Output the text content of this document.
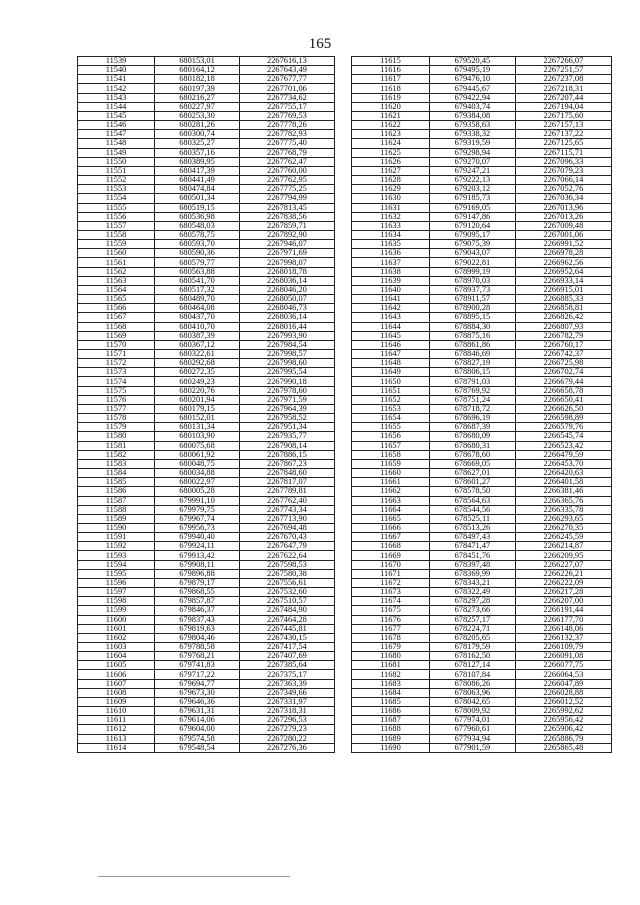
165
11539	680153,01	2267616,13
11540	680164,12	2267643,49
11541	680182,18	2267677,77
11542	680197,39	2267701,06
11543	680216,27	2267734,62
11544	680227,97	2267755,17
11545	680253,30	2267769,53
11546	680281,26	2267778,26
11547	680300,74	2267782,93
11548	680325,27	2267775,40
11549	680357,16	2267768,79
11550	680389,95	2267762,47
11551	680417,39	2267760,00
11552	680441,49	2267762,95
11553	680474,84	2267775,25
11554	680501,34	2267794,99
11555	680519,15	2267813,45
11556	680536,98	2267838,56
11557	680548,03	2267859,71
11558	680578,75	2267892,90
11559	680593,70	2267946,07
11560	680590,36	2267971,69
11561	680579,77	2267998,07
11562	680563,88	2268018,78
11563	680541,70	2268036,14
11564	680517,32	2268046,20
11565	680489,70	2268050,07
11566	680464,08	2268046,73
11567	680437,70	2268036,14
11568	680410,70	2268016,44
11569	680387,39	2267993,90
11570	680367,12	2267984,54
11571	680322,61	2267998,57
11572	680292,68	2267998,60
11573	680272,35	2267995,54
11574	680249,23	2267990,18
11575	680220,76	2267978,60
11576	680201,94	2267971,59
11577	680179,15	2267964,39
11578	680152,01	2267958,52
11579	680131,34	2267951,34
11580	680103,90	2267935,77
11581	680075,68	2267908,14
11582	680061,92	2267886,15
11583	680048,75	2267867,23
11584	680034,88	2267848,60
11585	680022,97	2267817,07
11586	680005,28	2267789,81
11587	679991,10	2267762,40
11588	679979,75	2267743,34
11589	679967,74	2267713,90
11590	679956,73	2267694,48
11591	679940,40	2267670,43
11592	679924,11	2267647,79
11593	679913,42	2267622,64
11594	679908,11	2267598,53
11595	679896,88	2267580,38
11596	679879,17	2267556,61
11597	679868,55	2267532,60
11598	679857,87	2267510,57
11599	679846,37	2267484,90
11600	679837,43	2267464,28
11601	679819,63	2267445,81
11602	679804,46	2267430,15
11603	679788,58	2267417,54
11604	679768,21	2267407,69
11605	679741,83	2267385,64
11606	679717,22	2267375,17
11607	679694,77	2267363,39
11608	679673,30	2267349,66
11609	679646,36	2267331,97
11610	679631,31	2267318,31
11611	679614,06	2267296,53
11612	679604,00	2267279,23
11613	679574,58	2267280,22
11614	679548,54	2267276,36
11615	679520,45	2267266,07
11616	679495,19	2267251,57
11617	679476,10	2267237,08
11618	679445,67	2267218,31
11619	679422,94	2267207,44
11620	679403,74	2267194,04
11621	679384,08	2267175,60
11622	679358,63	2267157,13
11623	679338,32	2267137,22
11624	679319,59	2267125,65
11625	679298,94	2267115,71
11626	679270,07	2267096,33
11627	679247,21	2267079,23
11628	679222,13	2267066,14
11629	679203,12	2267052,76
11630	679185,73	2267036,34
11631	679169,05	2267013,96
11632	679147,86	2267013,26
11633	679120,64	2267009,48
11634	679095,17	2267001,06
11635	679075,39	2266991,52
11636	679043,07	2266978,28
11637	679022,81	2266962,56
11638	678999,19	2266952,64
11639	678970,03	2266933,14
11640	678937,73	2266915,01
11641	678911,57	2266885,33
11642	678900,28	2266858,81
11643	678895,15	2266826,42
11644	678884,30	2266807,93
11645	678875,16	2266782,79
11646	678861,86	2266760,17
11647	678846,69	2266742,37
11648	678827,19	2266725,98
11649	678806,15	2266702,74
11650	678791,03	2266679,44
11651	678769,92	2266658,78
11652	678751,24	2266650,41
11653	678718,72	2266626,50
11654	678696,19	2266598,89
11655	678687,39	2266579,76
11656	678680,09	2266545,74
11657	678680,31	2266523,42
11658	678678,60	2266479,59
11659	678669,05	2266453,70
11660	678627,01	2266420,63
11661	678601,27	2266401,58
11662	678578,50	2266381,46
11663	678564,63	2266365,76
11664	678544,56	2266335,78
11665	678525,11	2266293,65
11666	678513,26	2266270,35
11667	678497,43	2266245,59
11668	678471,47	2266214,87
11669	678451,76	2266209,95
11670	678397,48	2266227,07
11671	678369,99	2266226,21
11672	678343,21	2266222,09
11673	678322,49	2266217,28
11674	678297,28	2266207,00
11675	678273,66	2266191,44
11676	678257,17	2266177,70
11677	678224,71	2266148,06
11678	678205,65	2266132,37
11679	678179,59	2266109,79
11680	678162,50	2266091,08
11681	678127,14	2266077,75
11682	678107,84	2266064,53
11683	678086,26	2266047,89
11684	678063,96	2266028,88
11685	678042,65	2266012,52
11686	678009,92	2265992,62
11687	677974,01	2265956,42
11688	677960,61	2265906,42
11689	677934,94	2265886,79
11690	677901,59	2265865,48
